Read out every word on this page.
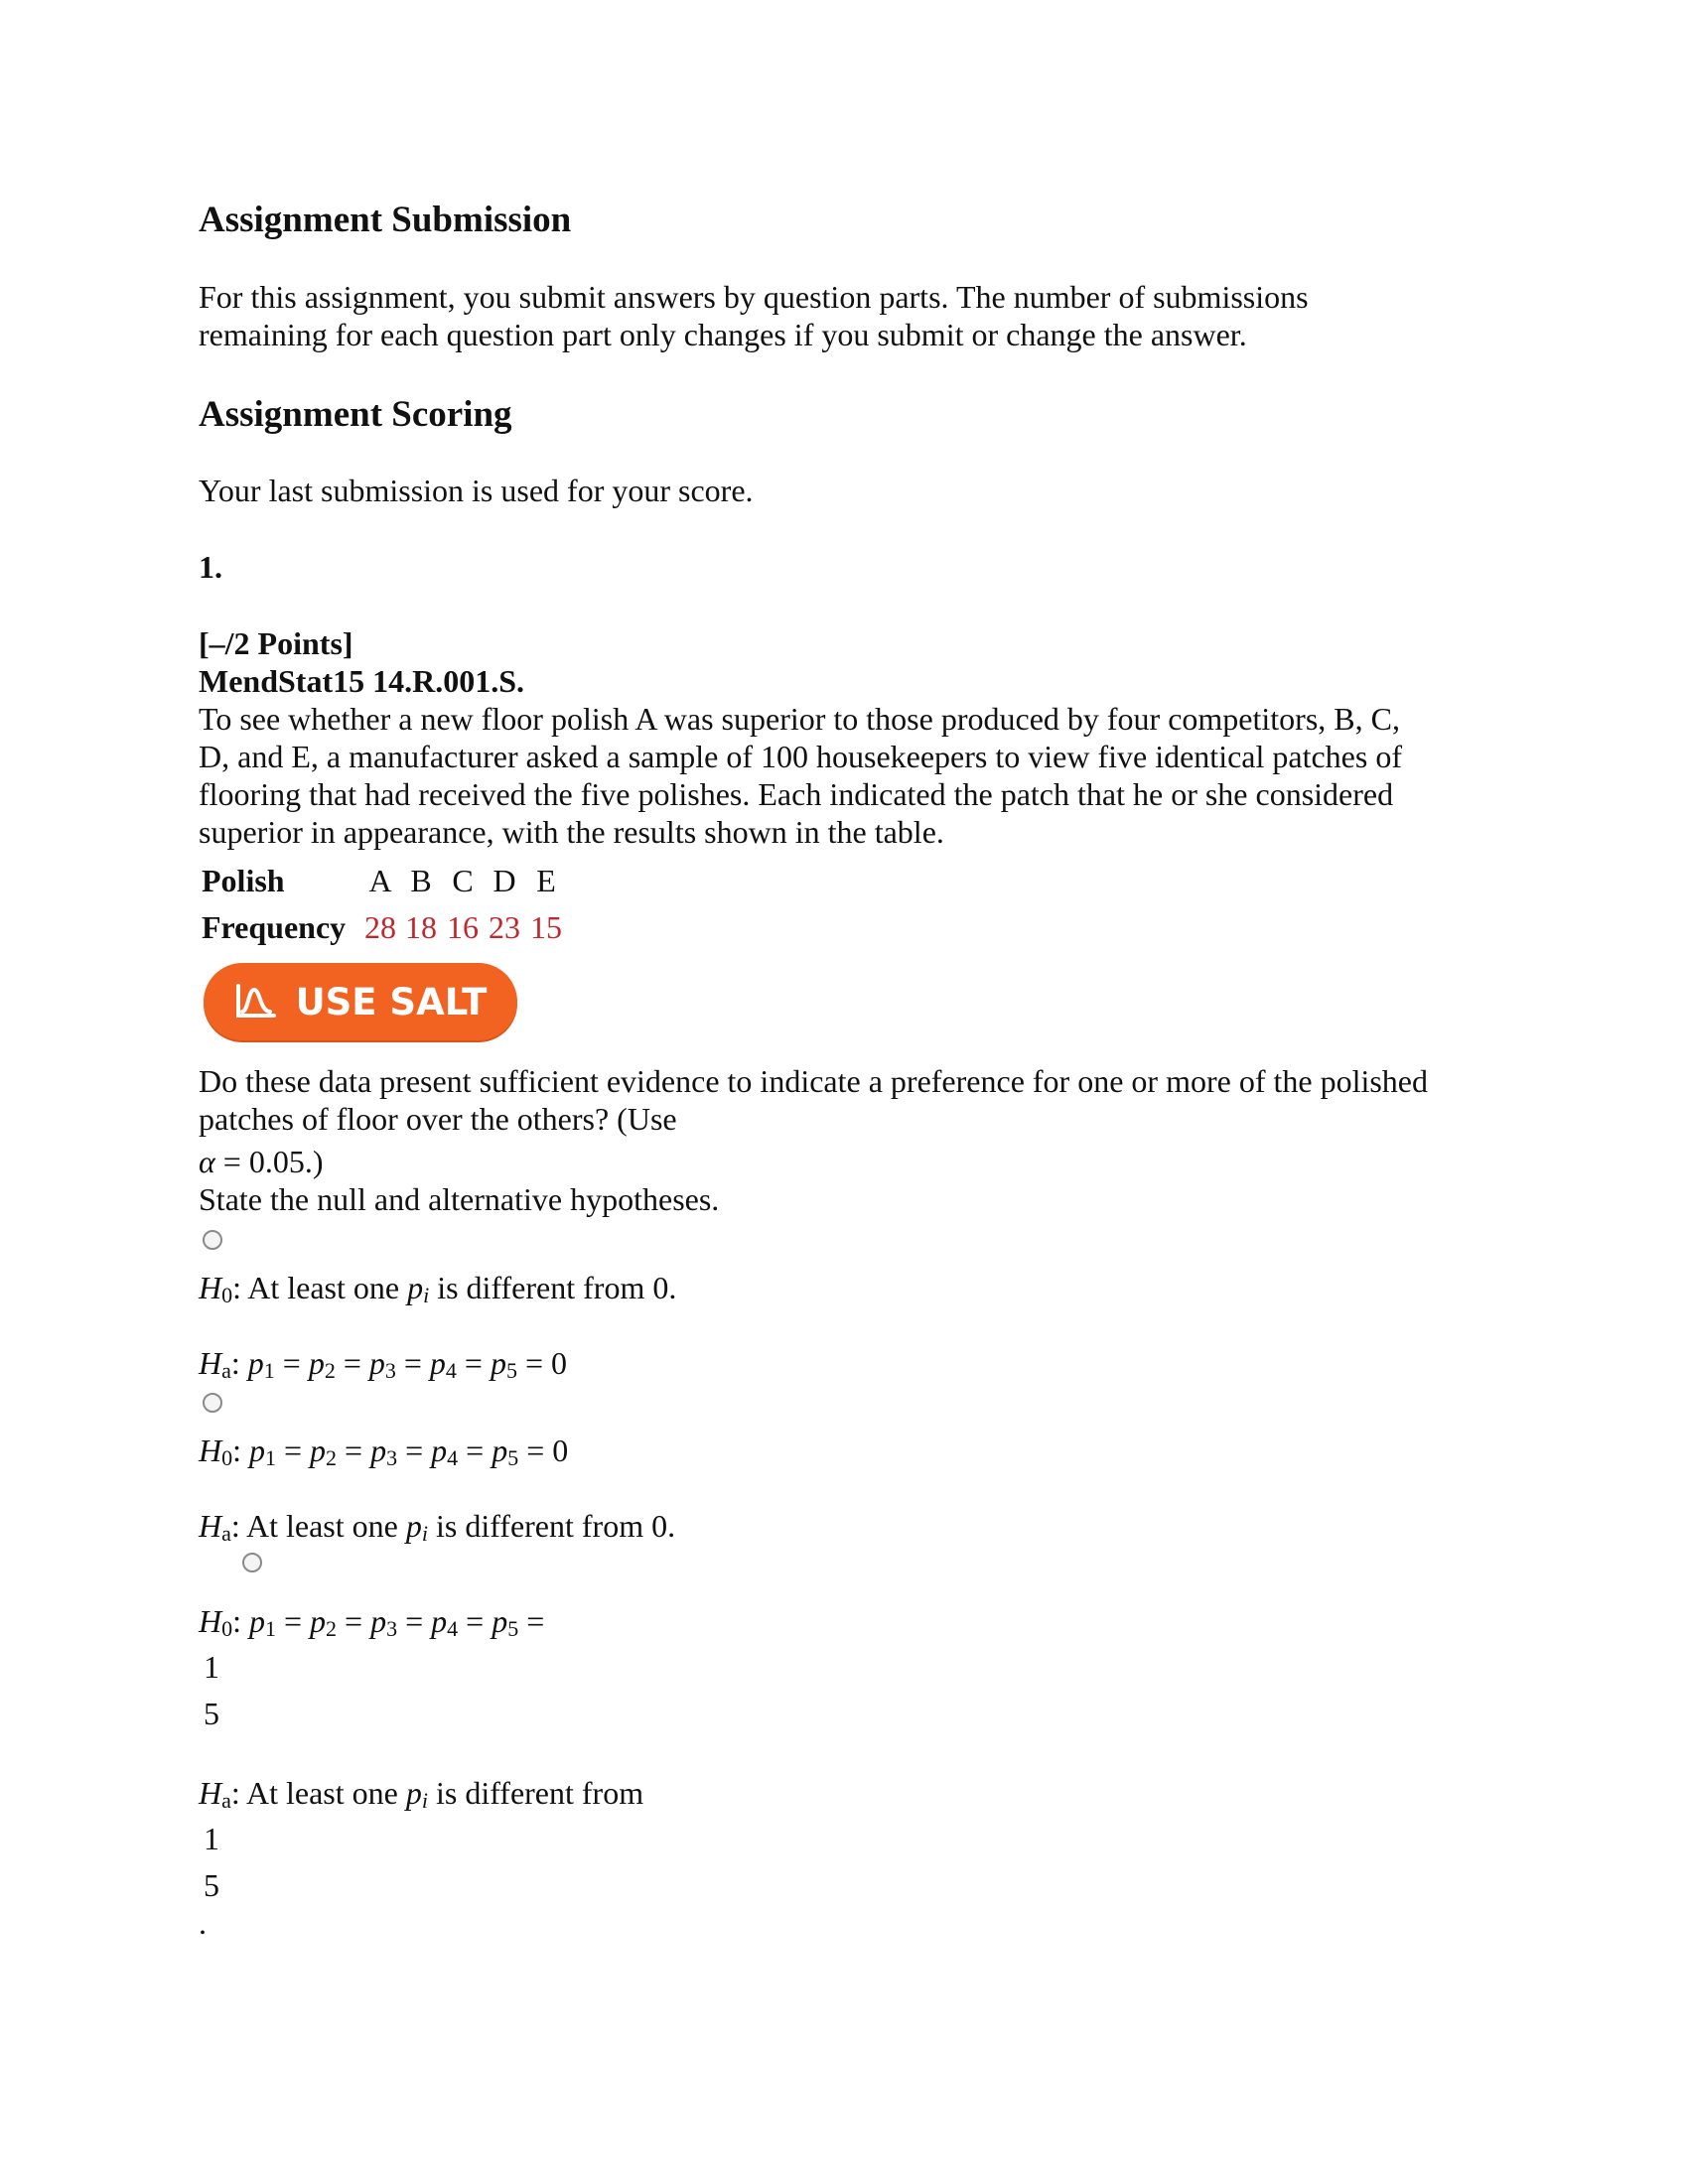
Assignment Submission
For this assignment, you submit answers by question parts. The number of submissions
remaining for each question part only changes if you submit or change the answer.
Assignment Scoring
Your last submission is used for your score.
1.
[–/2 Points]
MendStat15 14.R.001.S.
To see whether a new floor polish A was superior to those produced by four competitors, B, C,
D, and E, a manufacturer asked a sample of 100 housekeepers to view five identical patches of
flooring that had received the five polishes. Each indicated the patch that he or she considered
superior in appearance, with the results shown in the table.
Polish	A	B	C	D	E
Frequency	28	18	16	23	15
USE SALT
Do these data present sufficient evidence to indicate a preference for one or more of the polished
patches of floor over the others? (Use
α = 0.05.)
State the null and alternative hypotheses.
H0: At least one pi is different from 0.
Ha: p1 = p2 = p3 = p4 = p5 = 0
H0: p1 = p2 = p3 = p4 = p5 = 0
Ha: At least one pi is different from 0.
H0: p1 = p2 = p3 = p4 = p5 =
1
5
Ha: At least one pi is different from
1
5
.
